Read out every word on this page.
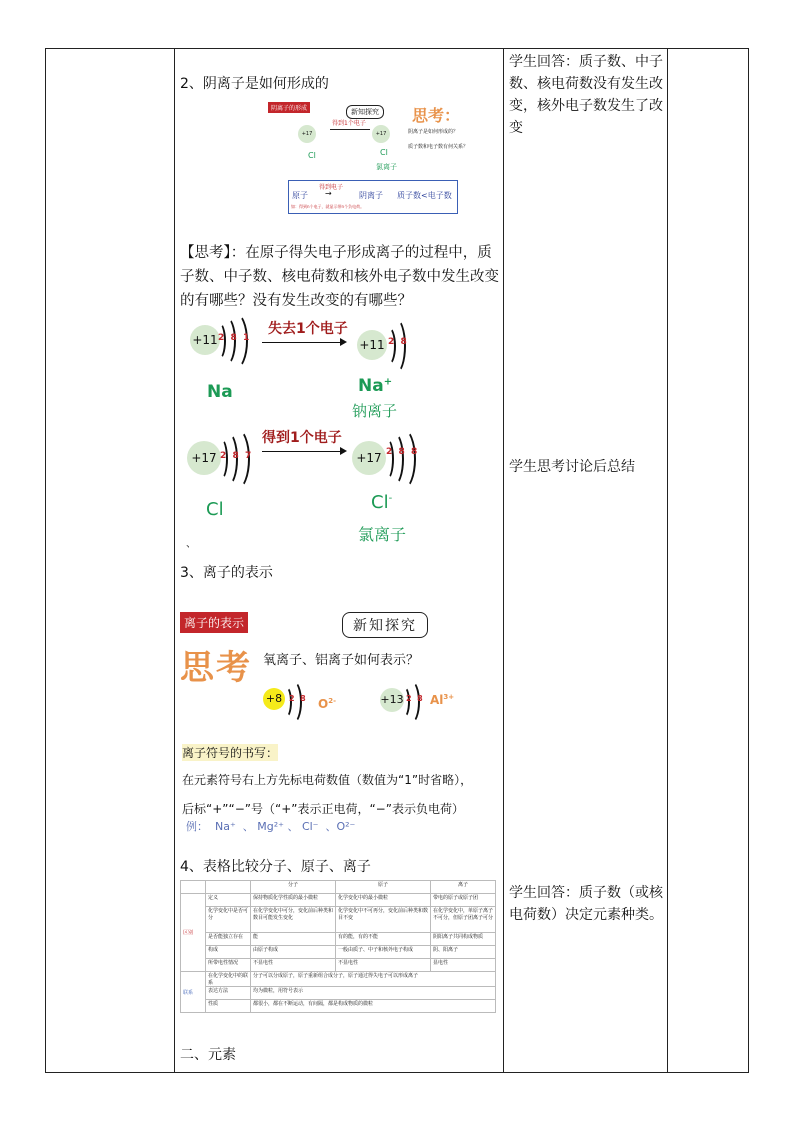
学生回答：质子数、中子数、核电荷数没有发生改变，核外电子数发生了改变
学生思考讨论后总结
学生回答：质子数（或核电荷数）决定元素种类。
2、阴离子是如何形成的
阴离子的形成	新知探究	思考：
+17
得到1个电子
+17	阴离子是如何形成的？
质子数和电子数有何关系？
Cl	Cl
氯离子
原子
得到电子
→	阴离子 质子数<电子数
如：得到n个电子，就显示带n个负电荷。
【思考】：在原子得失电子形成离子的过程中，质子数、中子数、核电荷数和核外电子数中发生改变的有哪些？没有发生改变的有哪些？
+11 2  8  1
失去1个电子
+11 2  8
Na	Na+
钠离子
+17 2  8  7
得到1个电子
+17 2  8  8
Cl	Cl-
氯离子
、
3、离子的表示
离子的表示	新知探究
思考 氧离子、铝离子如何表示？
+8 2  8 $O^{2-}$	+13 2  8 $Al^{3+}$
离子符号的书写：
在元素符号右上方先标电荷数值（数值为“1”时省略），
后标“+”“−”号（“+”表示正电荷，“−”表示负电荷）
例：  Na⁺  、 Mg²⁺ 、 Cl⁻  、O²⁻
4、表格比较分子、原子、离子
		分子	原子	离子
区别	定义	保持物质化学性质的最小微粒	化学变化中的最小微粒	带电的原子或原子团
	化学变化中是否可分	在化学变化中可分，变化前后种类和数目可能发生变化	化学变化中不可再分，变化前后种类和数目不变	在化学变化中，单原子离子不可分，但原子团离子可分
	是否能独立存在	能	有的能，有的不能	阴阳离子共同构成物质
	构成	由原子构成	一般由质子、中子和核外电子构成	阴、阳离子
	所带电性情况	不显电性	不显电性	显电性
联系	在化学变化中的联系	分子可以分成原子，原子重新组合成分子，原子通过得失电子可以形成离子		
	表达方法	均为微粒，用符号表示		
	性质	都很小，都在不断运动，有间隔，都是构成物质的微粒		
二、元素
